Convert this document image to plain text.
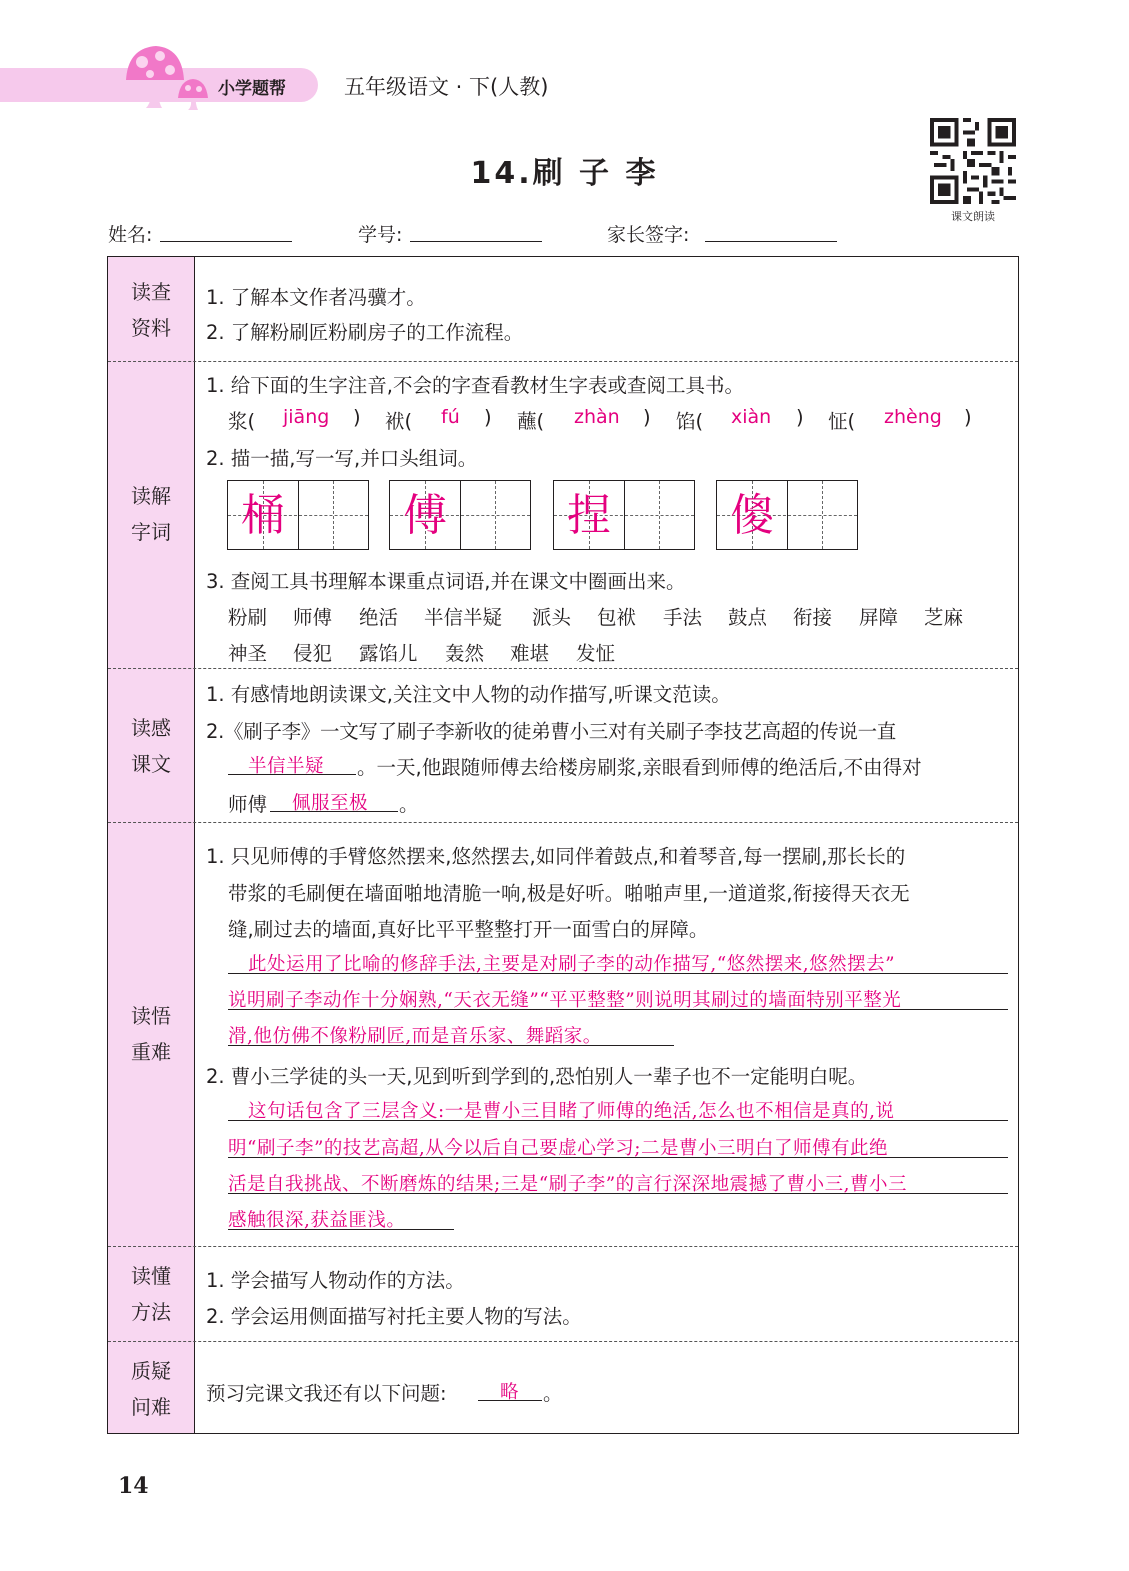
小学题帮	五年级语文 · 下(人教)
14.刷 子 李
课文朗读
姓名:	学号:	家长签字:
读查
资料
1. 了解本文作者冯骥才。
2. 了解粉刷匠粉刷房子的工作流程。
读解
字词
1. 给下面的生字注音,不会的字查看教材生字表或查阅工具书。
浆( jiāng ) 袱( fú ) 蘸( zhàn ) 馅( xiàn ) 怔( zhèng )
2. 描一描,写一写,并口头组词。
桶	傅	捏	傻
3. 查阅工具书理解本课重点词语,并在课文中圈画出来。
粉刷 师傅 绝活 半信半疑 派头 包袱 手法 鼓点 衔接 屏障 芝麻
神圣 侵犯 露馅儿 轰然 难堪 发怔
读感
课文
1. 有感情地朗读课文,关注文中人物的动作描写,听课文范读。
2.《刷子李》一文写了刷子李新收的徒弟曹小三对有关刷子李技艺高超的传说一直
半信半疑 。一天,他跟随师傅去给楼房刷浆,亲眼看到师傅的绝活后,不由得对
师傅 佩服至极 。
读悟
重难
1. 只见师傅的手臂悠然摆来,悠然摆去,如同伴着鼓点,和着琴音,每一摆刷,那长长的
带浆的毛刷便在墙面啪地清脆一响,极是好听。啪啪声里,一道道浆,衔接得天衣无
缝,刷过去的墙面,真好比平平整整打开一面雪白的屏障。
此处运用了比喻的修辞手法,主要是对刷子李的动作描写,“悠然摆来,悠然摆去”
说明刷子李动作十分娴熟,“天衣无缝”“平平整整”则说明其刷过的墙面特别平整光
滑,他仿佛不像粉刷匠,而是音乐家、舞蹈家。
2. 曹小三学徒的头一天,见到听到学到的,恐怕别人一辈子也不一定能明白呢。
这句话包含了三层含义:一是曹小三目睹了师傅的绝活,怎么也不相信是真的,说
明“刷子李”的技艺高超,从今以后自己要虚心学习;二是曹小三明白了师傅有此绝
活是自我挑战、不断磨炼的结果;三是“刷子李”的言行深深地震撼了曹小三,曹小三
感触很深,获益匪浅。
读懂
方法
1. 学会描写人物动作的方法。
2. 学会运用侧面描写衬托主要人物的写法。
质疑
问难
预习完课文我还有以下问题:	略 。
14
